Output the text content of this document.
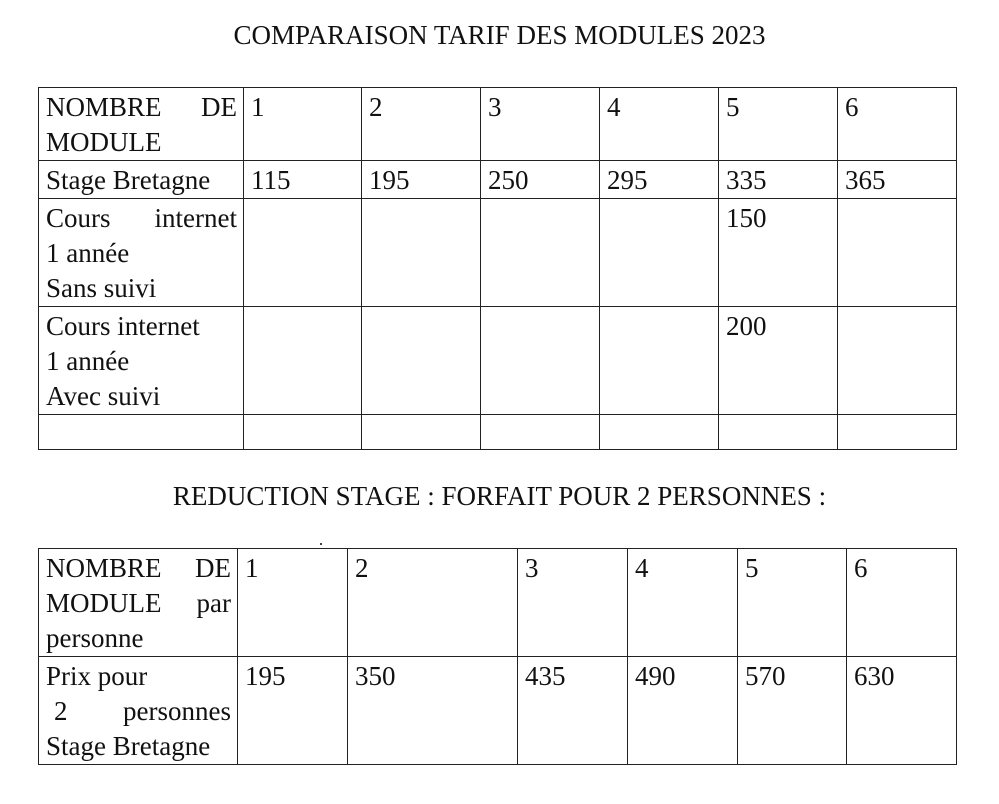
COMPARAISON TARIF DES MODULES 2023
NOMBRE DE
MODULE	1	2	3	4	5	6

Stage Bretagne	115	195	250	295	335	365

Cours internet
1 année
Sans suivi					150	

Cours internet
1 année
Avec suivi					200	

REDUCTION STAGE : FORFAIT POUR 2 PERSONNES :
NOMBRE DE
MODULE par
personne	1	2	3	4	5	6

Prix pour
2 personnes
Stage Bretagne	195	350	435	490	570	630
